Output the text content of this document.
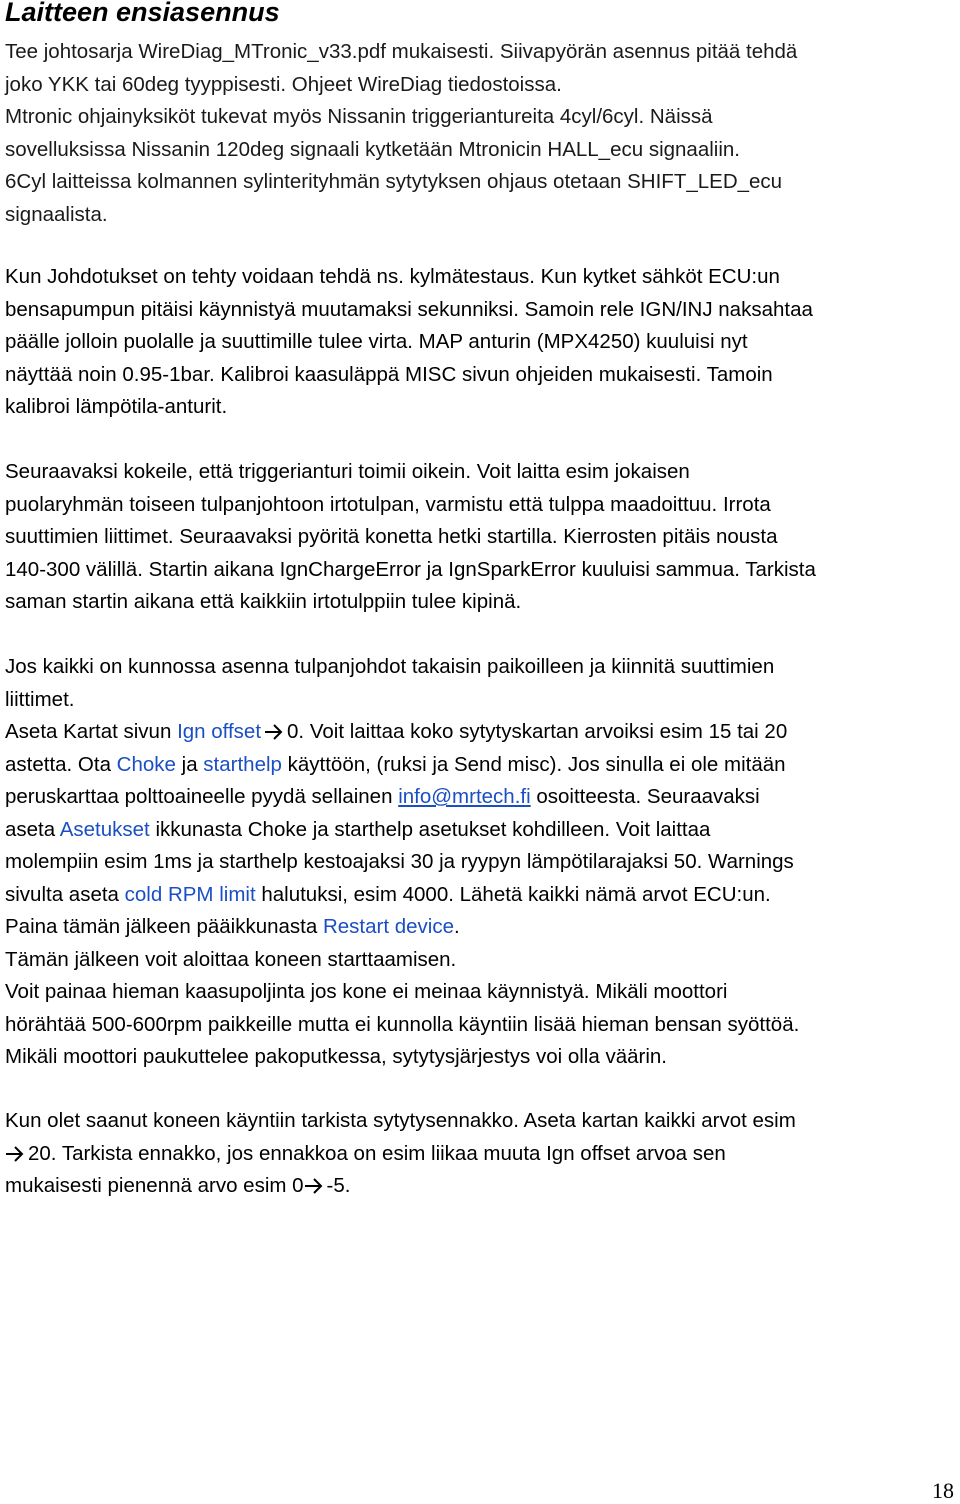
Laitteen ensiasennus
Tee johtosarja WireDiag_MTronic_v33.pdf mukaisesti. Siivapyörän asennus pitää tehdä
joko YKK tai 60deg tyyppisesti. Ohjeet WireDiag tiedostoissa.
Mtronic ohjainyksiköt tukevat myös Nissanin triggeriantureita 4cyl/6cyl. Näissä
sovelluksissa Nissanin 120deg signaali kytketään Mtronicin HALL_ecu signaaliin.
6Cyl laitteissa kolmannen sylinterityhmän sytytyksen ohjaus otetaan SHIFT_LED_ecu
signaalista.
Kun Johdotukset on tehty voidaan tehdä ns. kylmätestaus. Kun kytket sähköt ECU:un
bensapumpun pitäisi käynnistyä muutamaksi sekunniksi. Samoin rele IGN/INJ naksahtaa
päälle jolloin puolalle ja suuttimille tulee virta. MAP anturin (MPX4250) kuuluisi nyt
näyttää noin 0.95-1bar. Kalibroi kaasuläppä MISC sivun ohjeiden mukaisesti. Tamoin
kalibroi lämpötila-anturit.
Seuraavaksi kokeile, että triggerianturi toimii oikein. Voit laitta esim jokaisen
puolaryhmän toiseen tulpanjohtoon irtotulpan, varmistu että tulppa maadoittuu. Irrota
suuttimien liittimet. Seuraavaksi pyöritä konetta hetki startilla. Kierrosten pitäis nousta
140-300 välillä. Startin aikana IgnChargeError ja IgnSparkError kuuluisi sammua. Tarkista
saman startin aikana että kaikkiin irtotulppiin tulee kipinä.
Jos kaikki on kunnossa asenna tulpanjohdot takaisin paikoilleen ja kiinnitä suuttimien
liittimet.
Aseta Kartat sivun Ign offset 0. Voit laittaa koko sytytyskartan arvoiksi esim 15 tai 20
astetta. Ota Choke ja starthelp käyttöön, (ruksi ja Send misc). Jos sinulla ei ole mitään
peruskarttaa polttoaineelle pyydä sellainen info@mrtech.fi osoitteesta. Seuraavaksi
aseta Asetukset ikkunasta Choke ja starthelp asetukset kohdilleen. Voit laittaa
molempiin esim 1ms ja starthelp kestoajaksi 30 ja ryypyn lämpötilarajaksi 50. Warnings
sivulta aseta cold RPM limit halutuksi, esim 4000. Lähetä kaikki nämä arvot ECU:un.
Paina tämän jälkeen pääikkunasta Restart device.
Tämän jälkeen voit aloittaa koneen starttaamisen.
Voit painaa hieman kaasupoljinta jos kone ei meinaa käynnistyä. Mikäli moottori
hörähtää 500-600rpm paikkeille mutta ei kunnolla käyntiin lisää hieman bensan syöttöä.
Mikäli moottori paukuttelee pakoputkessa, sytytysjärjestys voi olla väärin.
Kun olet saanut koneen käyntiin tarkista sytytysennakko. Aseta kartan kaikki arvot esim
20. Tarkista ennakko, jos ennakkoa on esim liikaa muuta Ign offset arvoa sen
mukaisesti pienennä arvo esim 0 -5.
18
